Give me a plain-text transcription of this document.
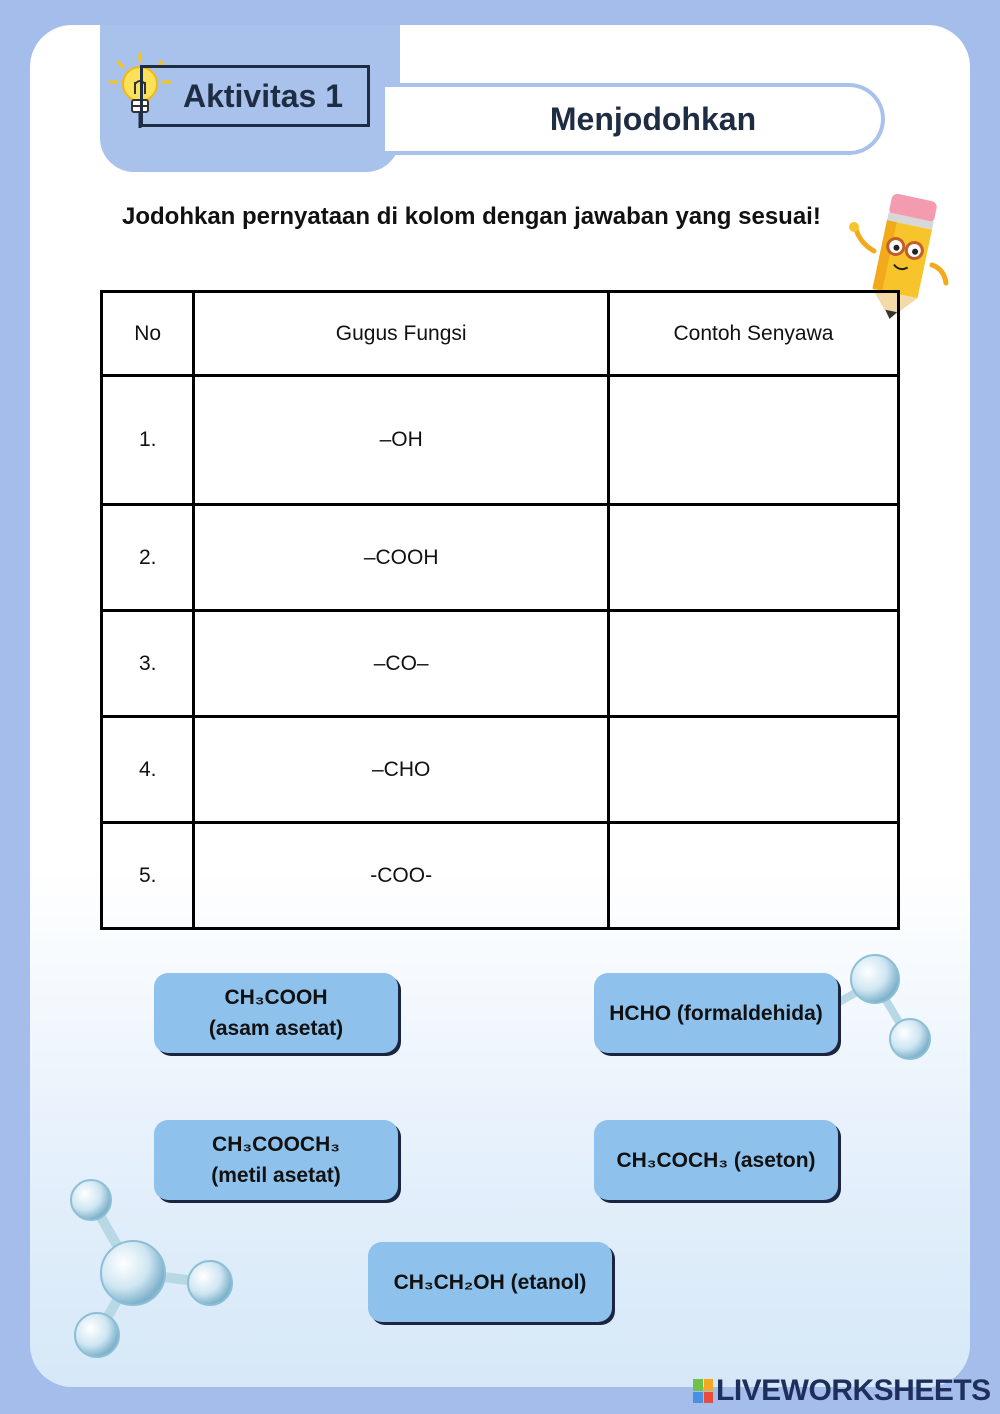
Aktivitas 1
Menjodohkan
Jodohkan pernyataan di kolom dengan jawaban yang sesuai!
No	Gugus Fungsi	Contoh Senyawa
1.	–OH	
2.	–COOH	
3.	–CO–	
4.	–CHO	
5.	-COO-	
CH₃COOH
(asam asetat)
HCHO (formaldehida)
CH₃COOCH₃
(metil asetat)
CH₃COCH₃ (aseton)
CH₃CH₂OH (etanol)
LIVEWORKSHEETS
